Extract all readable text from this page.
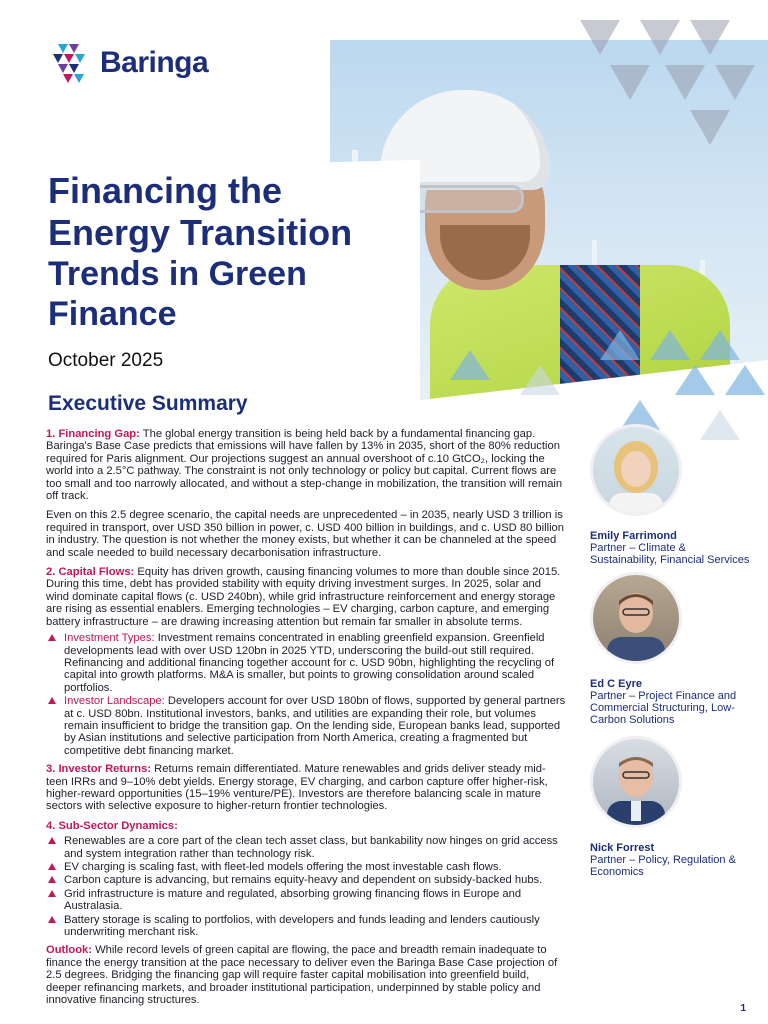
Baringa
Financing the
Energy Transition
Trends in Green
Finance
October 2025
Executive Summary

1. Financing Gap: The global energy transition is being held back by a fundamental financing gap. Baringa's Base Case predicts that emissions will have fallen by 13% in 2035, short of the 80% reduction required for Paris alignment. Our projections suggest an annual overshoot of c.10 GtCO₂, locking the world into a 2.5°C pathway. The constraint is not only technology or policy but capital. Current flows are too small and too narrowly allocated, and without a step-change in mobilization, the transition will remain off track.

Even on this 2.5 degree scenario, the capital needs are unprecedented – in 2035, nearly USD 3 trillion is required in transport, over USD 350 billion in power, c. USD 400 billion in buildings, and c. USD 80 billion in industry. The question is not whether the money exists, but whether it can be channeled at the speed and scale needed to build necessary decarbonisation infrastructure.

2. Capital Flows: Equity has driven growth, causing financing volumes to more than double since 2015. During this time, debt has provided stability with equity driving investment surges. In 2025, solar and wind dominate capital flows (c. USD 240bn), while grid infrastructure reinforcement and energy storage are rising as essential enablers. Emerging technologies – EV charging, carbon capture, and emerging battery infrastructure – are drawing increasing attention but remain far smaller in absolute terms.

Investment Types: Investment remains concentrated in enabling greenfield expansion. Greenfield developments lead with over USD 120bn in 2025 YTD, underscoring the build-out still required. Refinancing and additional financing together account for c. USD 90bn, highlighting the recycling of capital into growth platforms. M&A is smaller, but points to growing consolidation around scaled portfolios.
Investor Landscape: Developers account for over USD 180bn of flows, supported by general partners at c. USD 80bn. Institutional investors, banks, and utilities are expanding their role, but volumes remain insufficient to bridge the transition gap. On the lending side, European banks lead, supported by Asian institutions and selective participation from North America, creating a fragmented but competitive debt financing market.

3. Investor Returns: Returns remain differentiated. Mature renewables and grids deliver steady mid-teen IRRs and 9–10% debt yields. Energy storage, EV charging, and carbon capture offer higher-risk, higher-reward opportunities (15–19% venture/PE). Investors are therefore balancing scale in mature sectors with selective exposure to higher-return frontier technologies.

4. Sub-Sector Dynamics:
Renewables are a core part of the clean tech asset class, but bankability now hinges on grid access and system integration rather than technology risk.
EV charging is scaling fast, with fleet-led models offering the most investable cash flows.
Carbon capture is advancing, but remains equity-heavy and dependent on subsidy-backed hubs.
Grid infrastructure is mature and regulated, absorbing growing financing flows in Europe and Australasia.
Battery storage is scaling to portfolios, with developers and funds leading and lenders cautiously underwriting merchant risk.

Outlook: While record levels of green capital are flowing, the pace and breadth remain inadequate to finance the energy transition at the pace necessary to deliver even the Baringa Base Case projection of 2.5 degrees. Bridging the financing gap will require faster capital mobilisation into greenfield build, deeper refinancing markets, and broader institutional participation, underpinned by stable policy and innovative financing structures.

Emily Farrimond
Partner – Climate & Sustainability, Financial Services
Ed C Eyre
Partner – Project Finance and Commercial Structuring, Low-Carbon Solutions
Nick Forrest
Partner – Policy, Regulation & Economics
1
